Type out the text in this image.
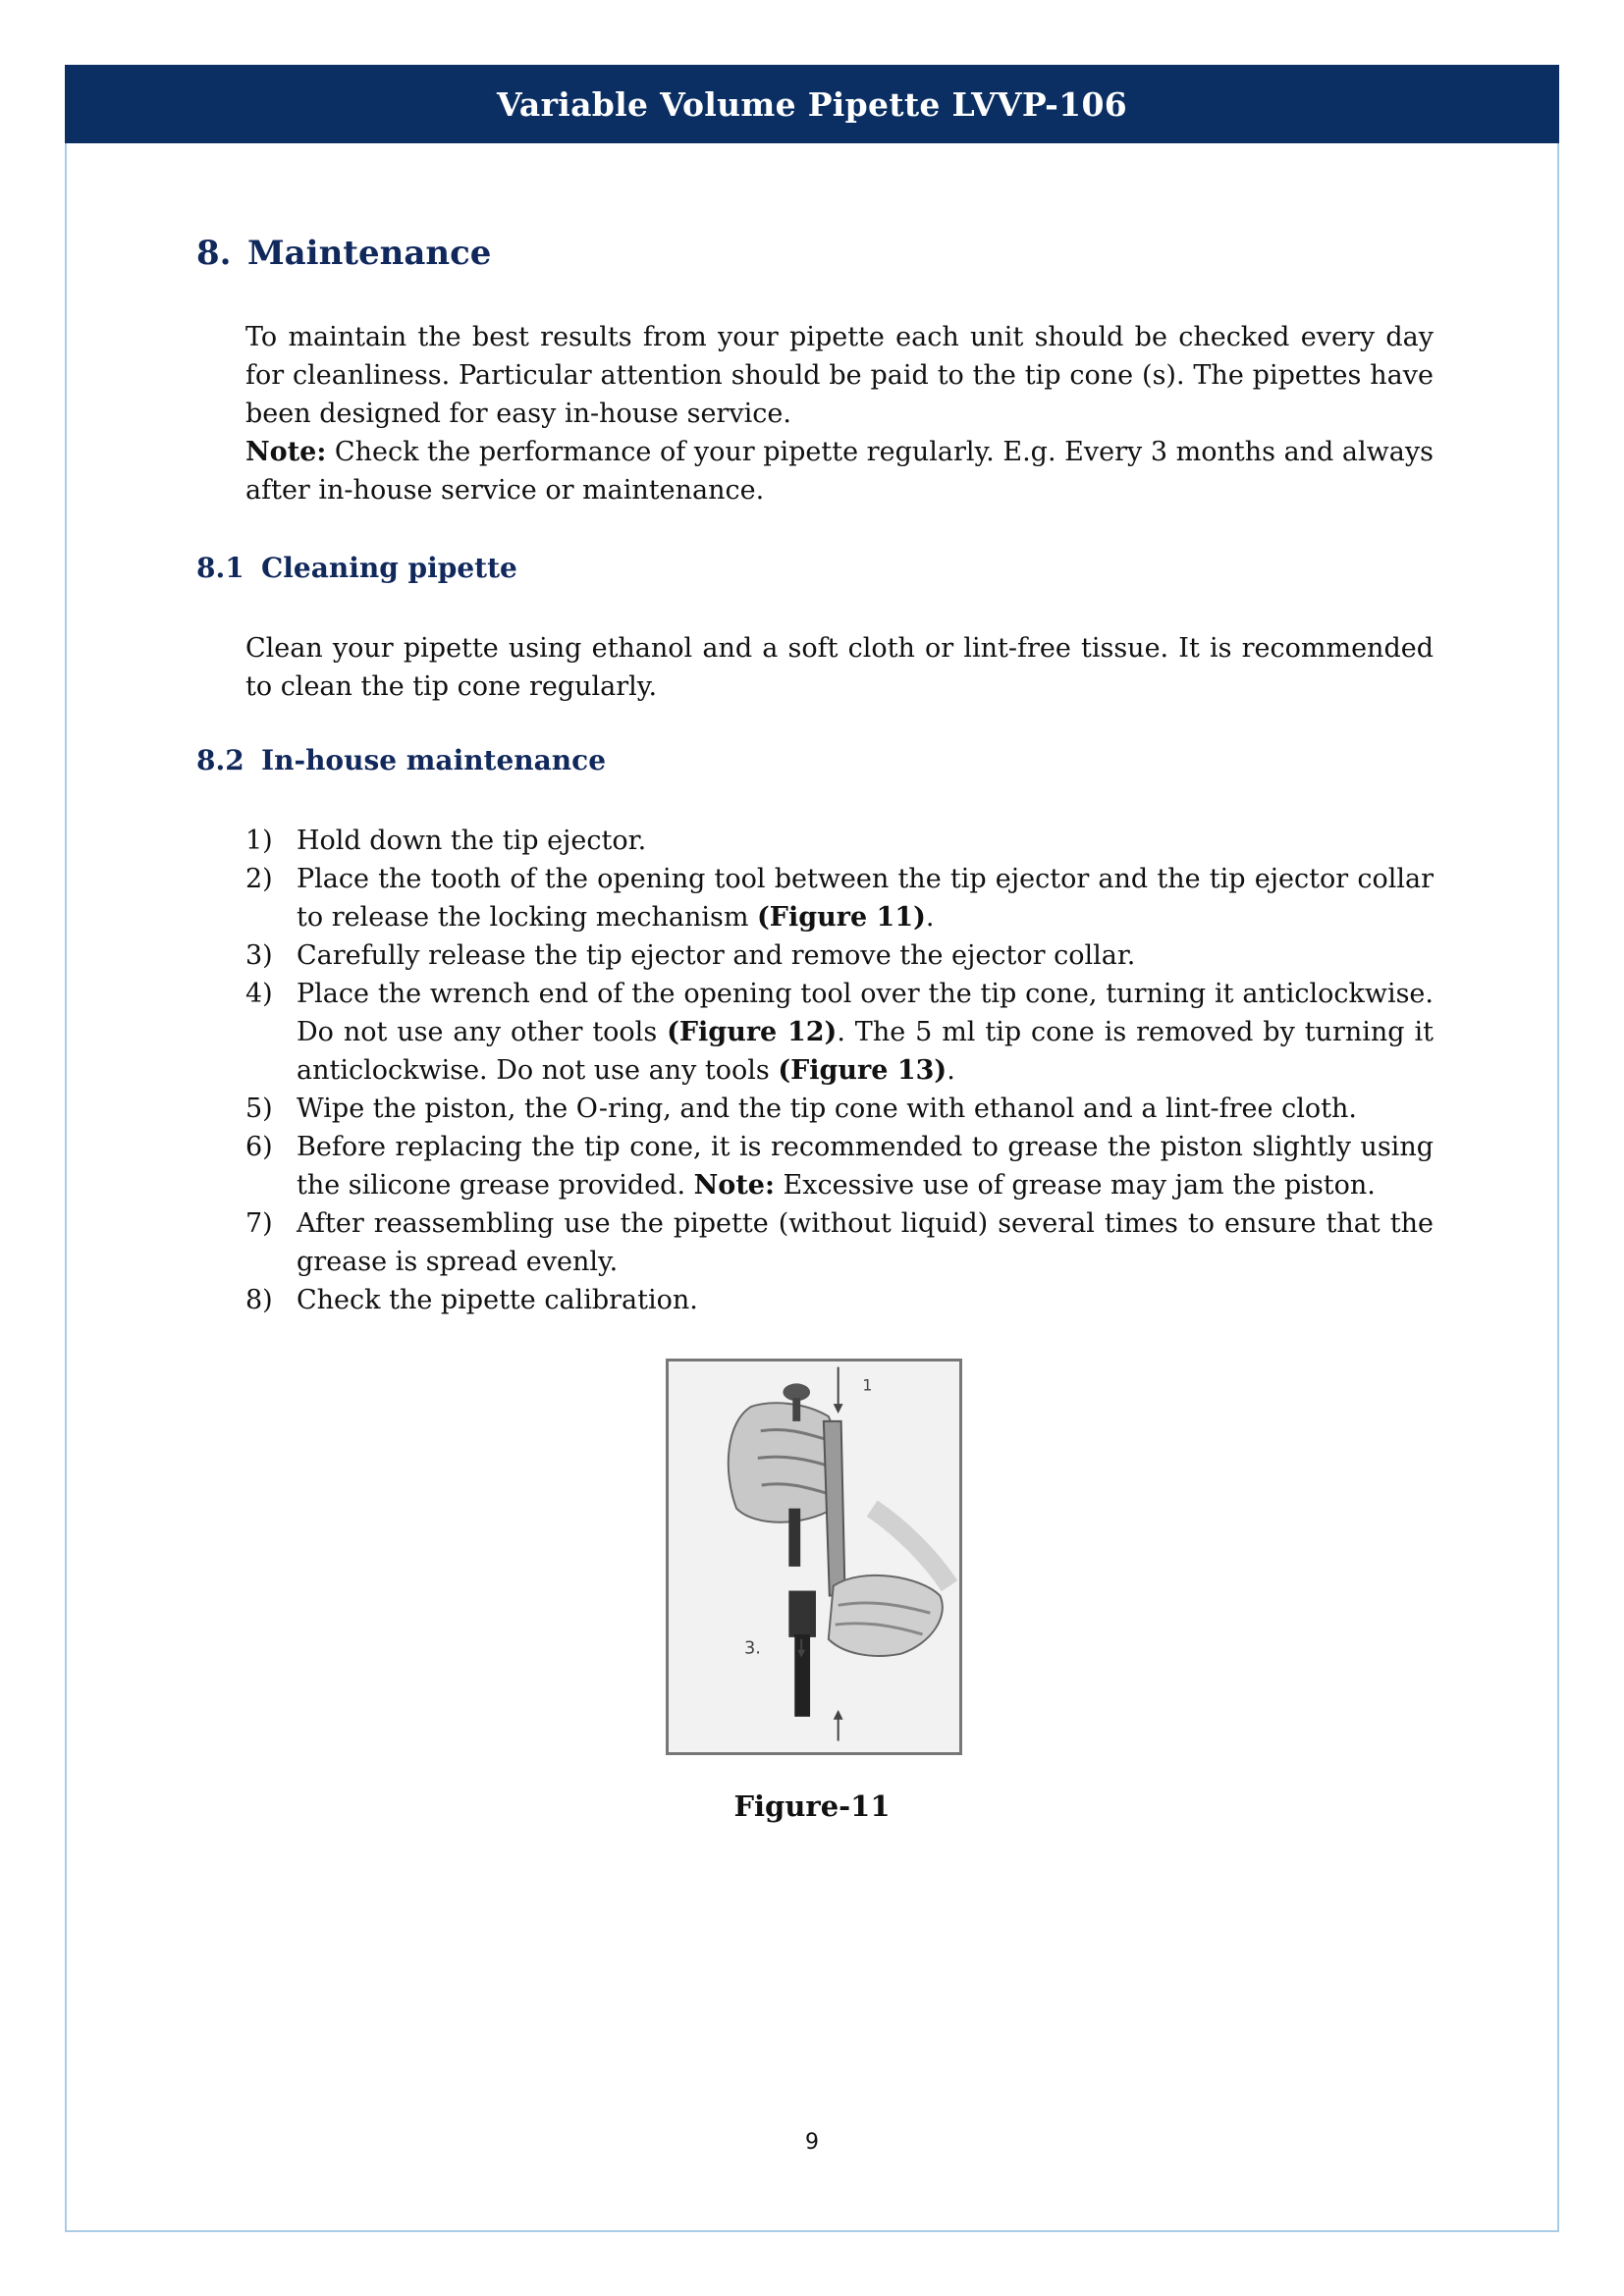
Variable Volume Pipette LVVP-106
8. Maintenance

To maintain the best results from your pipette each unit should be checked every day for cleanliness. Particular attention should be paid to the tip cone (s). The pipettes have been designed for easy in-house service.
Note: Check the performance of your pipette regularly. E.g. Every 3 months and always after in-house service or maintenance.

8.1 Cleaning pipette

Clean your pipette using ethanol and a soft cloth or lint-free tissue. It is recommended to clean the tip cone regularly.

8.2 In-house maintenance
1) Hold down the tip ejector.
2) Place the tooth of the opening tool between the tip ejector and the tip ejector collar to release the locking mechanism (Figure 11).
3) Carefully release the tip ejector and remove the ejector collar.
4) Place the wrench end of the opening tool over the tip cone, turning it anticlockwise. Do not use any other tools (Figure 12). The 5 ml tip cone is removed by turning it anticlockwise. Do not use any tools (Figure 13).
5) Wipe the piston, the O-ring, and the tip cone with ethanol and a lint-free cloth.
6) Before replacing the tip cone, it is recommended to grease the piston slightly using the silicone grease provided. Note: Excessive use of grease may jam the piston.
7) After reassembling use the pipette (without liquid) several times to ensure that the grease is spread evenly.
8) Check the pipette calibration.
1
3.

Figure-11

9
